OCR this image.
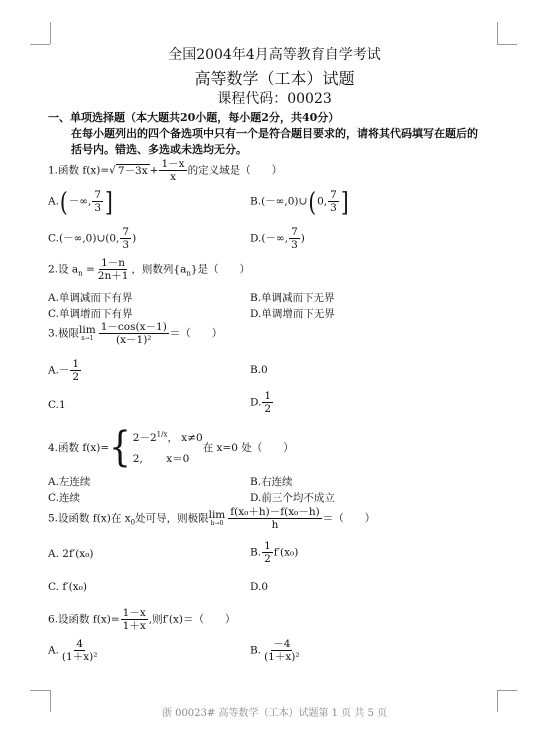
全国2004年4月高等教育自学考试
高等数学（工本）试题
课程代码：00023
一、单项选择题（本大题共20小题，每小题2分，共40分）
在每小题列出的四个备选项中只有一个是符合题目要求的，请将其代码填写在题后的
括号内。错选、多选或未选均无分。
1.函数 f(x)=√ $7-3x + \frac{1-x}{x}$ 的定义域是（　　）
A.(－∞, $\frac{7}{3}$ ]	B.(－∞,0)∪(0, $\frac{7}{3}$ ]
C.(－∞,0)∪(0, $\frac{7}{3}$ )	D.(－∞, $\frac{7}{3}$ )
2.设 $a_n = \frac{1-n}{2n+1}$ ，则数列$\{a_n\}$是（　　）
A.单调减而下有界	B.单调减而下无界
C.单调增而下有界	D.单调增而下无界
3.极限 lim
$x\to 1 \frac{1-\cos(x-1)}{\text{(x－1)²}}$ ＝（　　）
$A.- \frac{1}{2}$	B.0
C.1	D. $\frac{1}{2}$
4.函数 f(x)= { $2-2^{1/x}$， x≠0
2, x＝0
在 x=0 处（　　）
A.左连续	B.右连续
C.连续	D.前三个均不成立
5.设函数 f(x)在 $x_0$处可导，则极限 lim
$h\to 0 \frac{\text{f(x₀＋h)－f(x₀－h)}}{h}$ ＝（　　）
A. 2f′(x₀)	B. $\frac{1}{2} f'(x_0)$
C. f′(x₀)	D.0
6.设函数 $f(x)= \frac{1-x}{1+x}$ ,则f′(x)＝（　　）
A. $\frac{4}{\text{(1＋x)²}}$	B. $\frac{-4}{\text{(1＋x)²}}$
浙 00023# 高等数学（工本）试题第 1 页 共 5 页
